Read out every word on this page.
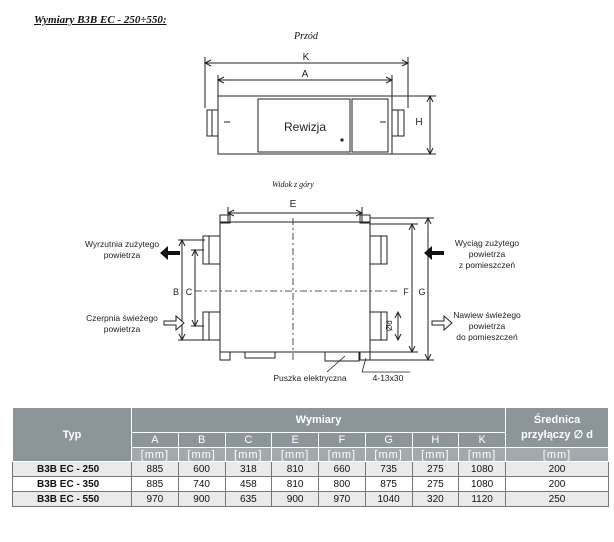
Wymiary B3B EC - 250÷550:
Przód
Widok z góry
Rewizja
K
A
H
E
B C	F G
Ød
Wyrzutnia zużytego
powietrza
Czerpnia świeżego
powietrza
Wyciąg zużytego
powietrza
z pomieszczeń
Nawiew świeżego
powietrza
do pomieszczeń
Puszka elektryczna	4-13x30
Typ	Wymiary								Średnica
przyłączy ∅ d

	A	B	C	E	F	G	H	K	
	[mm]	[mm]	[mm]	[mm]	[mm]	[mm]	[mm]	[mm]	[mm]
B3B EC - 250	885	600	318	810	660	735	275	1080	200
B3B EC - 350	885	740	458	810	800	875	275	1080	200
B3B EC - 550	970	900	635	900	970	1040	320	1120	250
